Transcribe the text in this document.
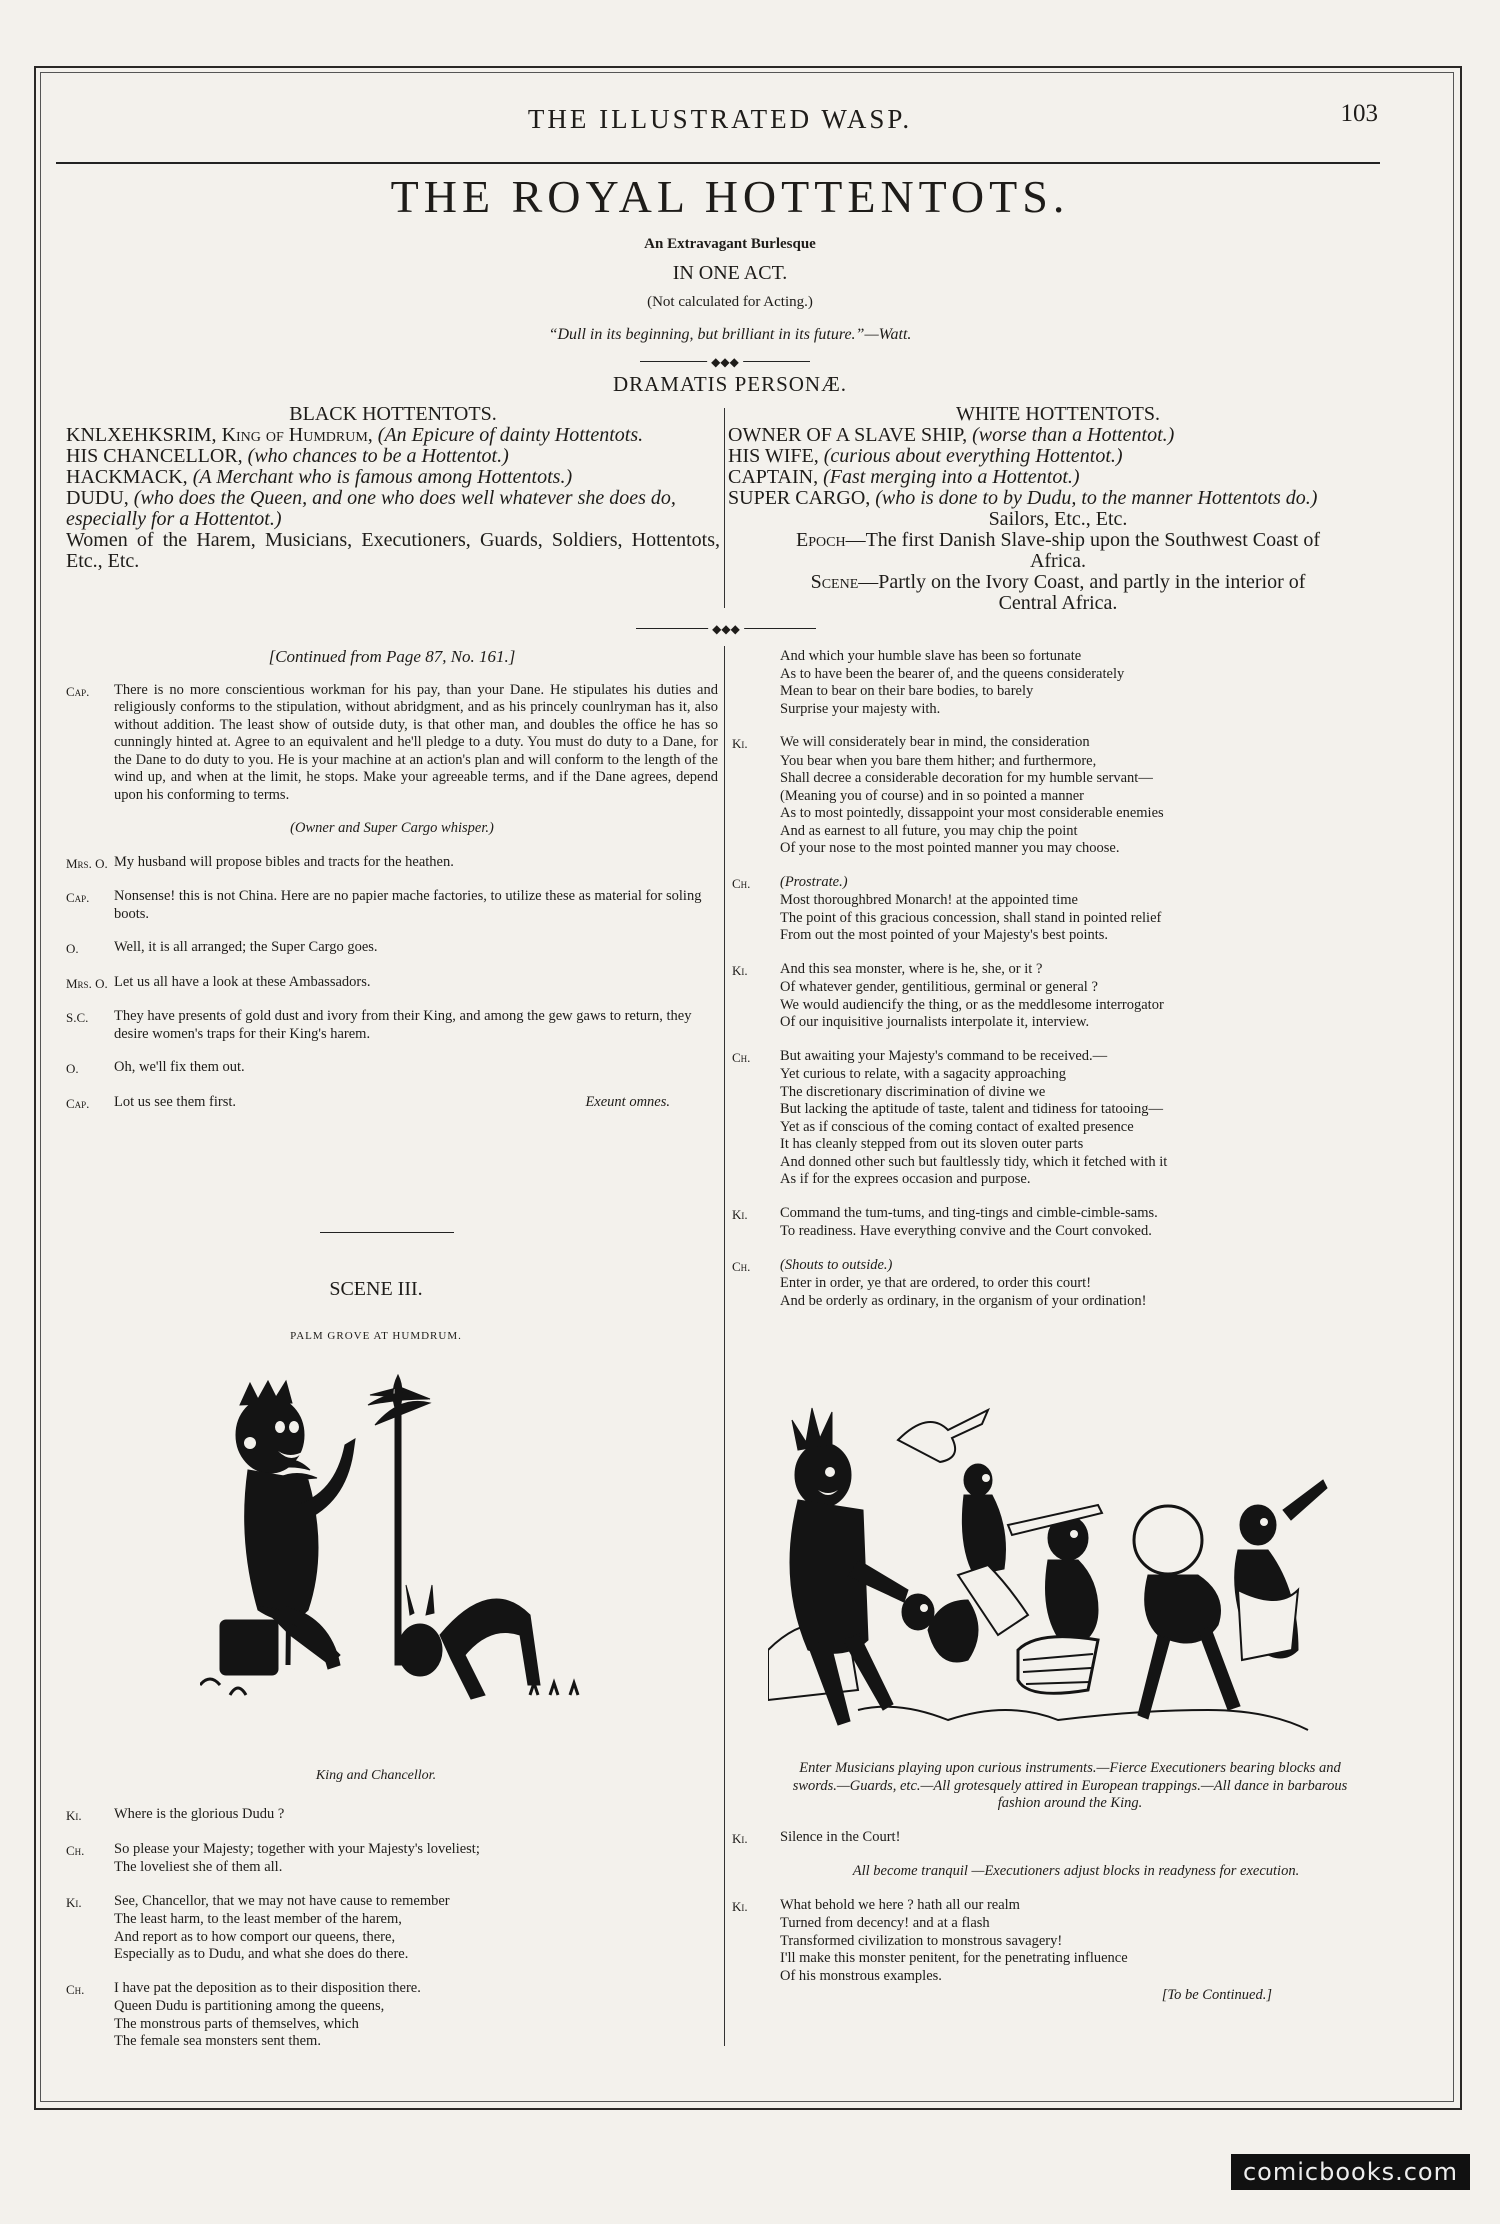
THE ILLUSTRATED WASP.	103
THE ROYAL HOTTENTOTS.
An Extravagant Burlesque
IN ONE ACT.
(Not calculated for Acting.)
“Dull in its beginning, but brilliant in its future.”—Watt.
◆◆◆
DRAMATIS PERSONÆ.

BLACK HOTTENTOTS.

KNLXEHKSRIM, King of Humdrum, (An Epicure of dainty Hottentots.

HIS CHANCELLOR, (who chances to be a Hottentot.)

HACKMACK, (A Merchant who is famous among Hottentots.)

DUDU, (who does the Queen, and one who does well whatever she does do, especially for a Hottentot.)

Women of the Harem, Musicians, Executioners, Guards, Soldiers, Hottentots, Etc., Etc.

WHITE HOTTENTOTS.

OWNER OF A SLAVE SHIP, (worse than a Hottentot.)

HIS WIFE, (curious about everything Hottentot.)

CAPTAIN, (Fast merging into a Hottentot.)

SUPER CARGO, (who is done to by Dudu, to the manner Hottentots do.)

Sailors, Etc., Etc.

Epoch—The first Danish Slave-ship upon the Southwest Coast of Africa.

Scene—Partly on the Ivory Coast, and partly in the interior of Central Africa.

◆◆◆
[Continued from Page 87, No. 161.]
Cap.	There is no more conscientious workman for his pay, than your Dane. He stipulates his duties and religiously conforms to the stipulation, without abridgment, and as his princely counlryman has it, also without addition. The least show of outside duty, is that other man, and doubles the office he has so cunningly hinted at. Agree to an equivalent and he'll pledge to a duty. You must do duty to a Dane, for the Dane to do duty to you. He is your machine at an action's plan and will conform to the length of the wind up, and when at the limit, he stops. Make your agreeable terms, and if the Dane agrees, depend upon his conforming to terms.
(Owner and Super Cargo whisper.)
Mrs. O. My husband will propose bibles and tracts for the heathen.
Cap.	Nonsense! this is not China. Here are no papier mache factories, to utilize these as material for soling boots.
O.	Well, it is all arranged; the Super Cargo goes.
Mrs. O. Let us all have a look at these Ambassadors.
S.C.	They have presents of gold dust and ivory from their King, and among the gew gaws to return, they desire women's traps for their King's harem.
O.	Oh, we'll fix them out.
Cap.	Lot us see them first.	Exeunt omnes.
SCENE III.
PALM GROVE AT HUMDRUM.
King and Chancellor.
Ki.	Where is the glorious Dudu ?
Ch.	So please your Majesty; together with your Majesty's loveliest;
The loveliest she of them all.
Ki.	See, Chancellor, that we may not have cause to remember
The least harm, to the least member of the harem,
And report as to how comport our queens, there,
Especially as to Dudu, and what she does do there.
Ch.	I have pat the deposition as to their disposition there.
Queen Dudu is partitioning among the queens,
The monstrous parts of themselves, which
The female sea monsters sent them.
And which your humble slave has been so fortunate
As to have been the bearer of, and the queens considerately
Mean to bear on their bare bodies, to barely
Surprise your majesty with.
Ki.	We will considerately bear in mind, the consideration
You bear when you bare them hither; and furthermore,
Shall decree a considerable decoration for my humble servant—
(Meaning you of course) and in so pointed a manner
As to most pointedly, dissappoint your most considerable enemies
And as earnest to all future, you may chip the point
Of your nose to the most pointed manner you may choose.
Ch.	(Prostrate.)
Most thoroughbred Monarch! at the appointed time
The point of this gracious concession, shall stand in pointed relief
From out the most pointed of your Majesty's best points.
Ki.	And this sea monster, where is he, she, or it ?
Of whatever gender, gentilitious, germinal or general ?
We would audiencify the thing, or as the meddlesome interrogator
Of our inquisitive journalists interpolate it, interview.
Ch.	But awaiting your Majesty's command to be received.—
Yet curious to relate, with a sagacity approaching
The discretionary discrimination of divine we
But lacking the aptitude of taste, talent and tidiness for tatooing—
Yet as if conscious of the coming contact of exalted presence
It has cleanly stepped from out its sloven outer parts
And donned other such but faultlessly tidy, which it fetched with it
As if for the exprees occasion and purpose.
Ki.	Command the tum-tums, and ting-tings and cimble-cimble-sams.
To readiness. Have everything convive and the Court convoked.
Ch.	(Shouts to outside.)
Enter in order, ye that are ordered, to order this court!
And be orderly as ordinary, in the organism of your ordination!
Enter Musicians playing upon curious instruments.—Fierce Executioners bearing blocks and swords.—Guards, etc.—All grotesquely attired in European trappings.—All dance in barbarous fashion around the King.
Ki.	Silence in the Court!
All become tranquil —Executioners adjust blocks in readyness for execution.
Ki.	What behold we here ? hath all our realm
Turned from decency! and at a flash
Transformed civilization to monstrous savagery!
I'll make this monster penitent, for the penetrating influence
Of his monstrous examples.
[To be Continued.]
comicbooks.com
